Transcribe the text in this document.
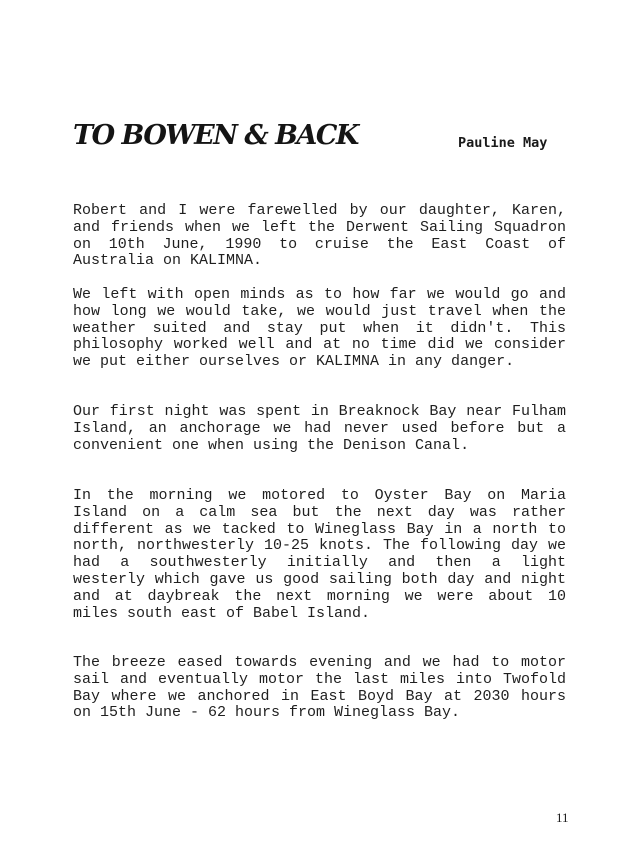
TO BOWEN & BACK	Pauline May

Robert and I were farewelled by our daughter, Karen, and friends when we left the Derwent Sailing Squadron on 10th June, 1990 to cruise the East Coast of Australia on KALIMNA.

We left with open minds as to how far we would go and how long we would take, we would just travel when the weather suited and stay put when it didn't. This philosophy worked well and at no time did we consider we put either ourselves or KALIMNA in any danger.

Our first night was spent in Breaknock Bay near Fulham Island, an anchorage we had never used before but a convenient one when using the Denison Canal.

In the morning we motored to Oyster Bay on Maria Island on a calm sea but the next day was rather different as we tacked to Wineglass Bay in a north to north, northwesterly 10-25 knots. The following day we had a southwesterly initially and then a light westerly which gave us good sailing both day and night and at daybreak the next morning we were about 10 miles south east of Babel Island.

The breeze eased towards evening and we had to motor sail and eventually motor the last miles into Twofold Bay where we anchored in East Boyd Bay at 2030 hours on 15th June - 62 hours from Wineglass Bay.

11
